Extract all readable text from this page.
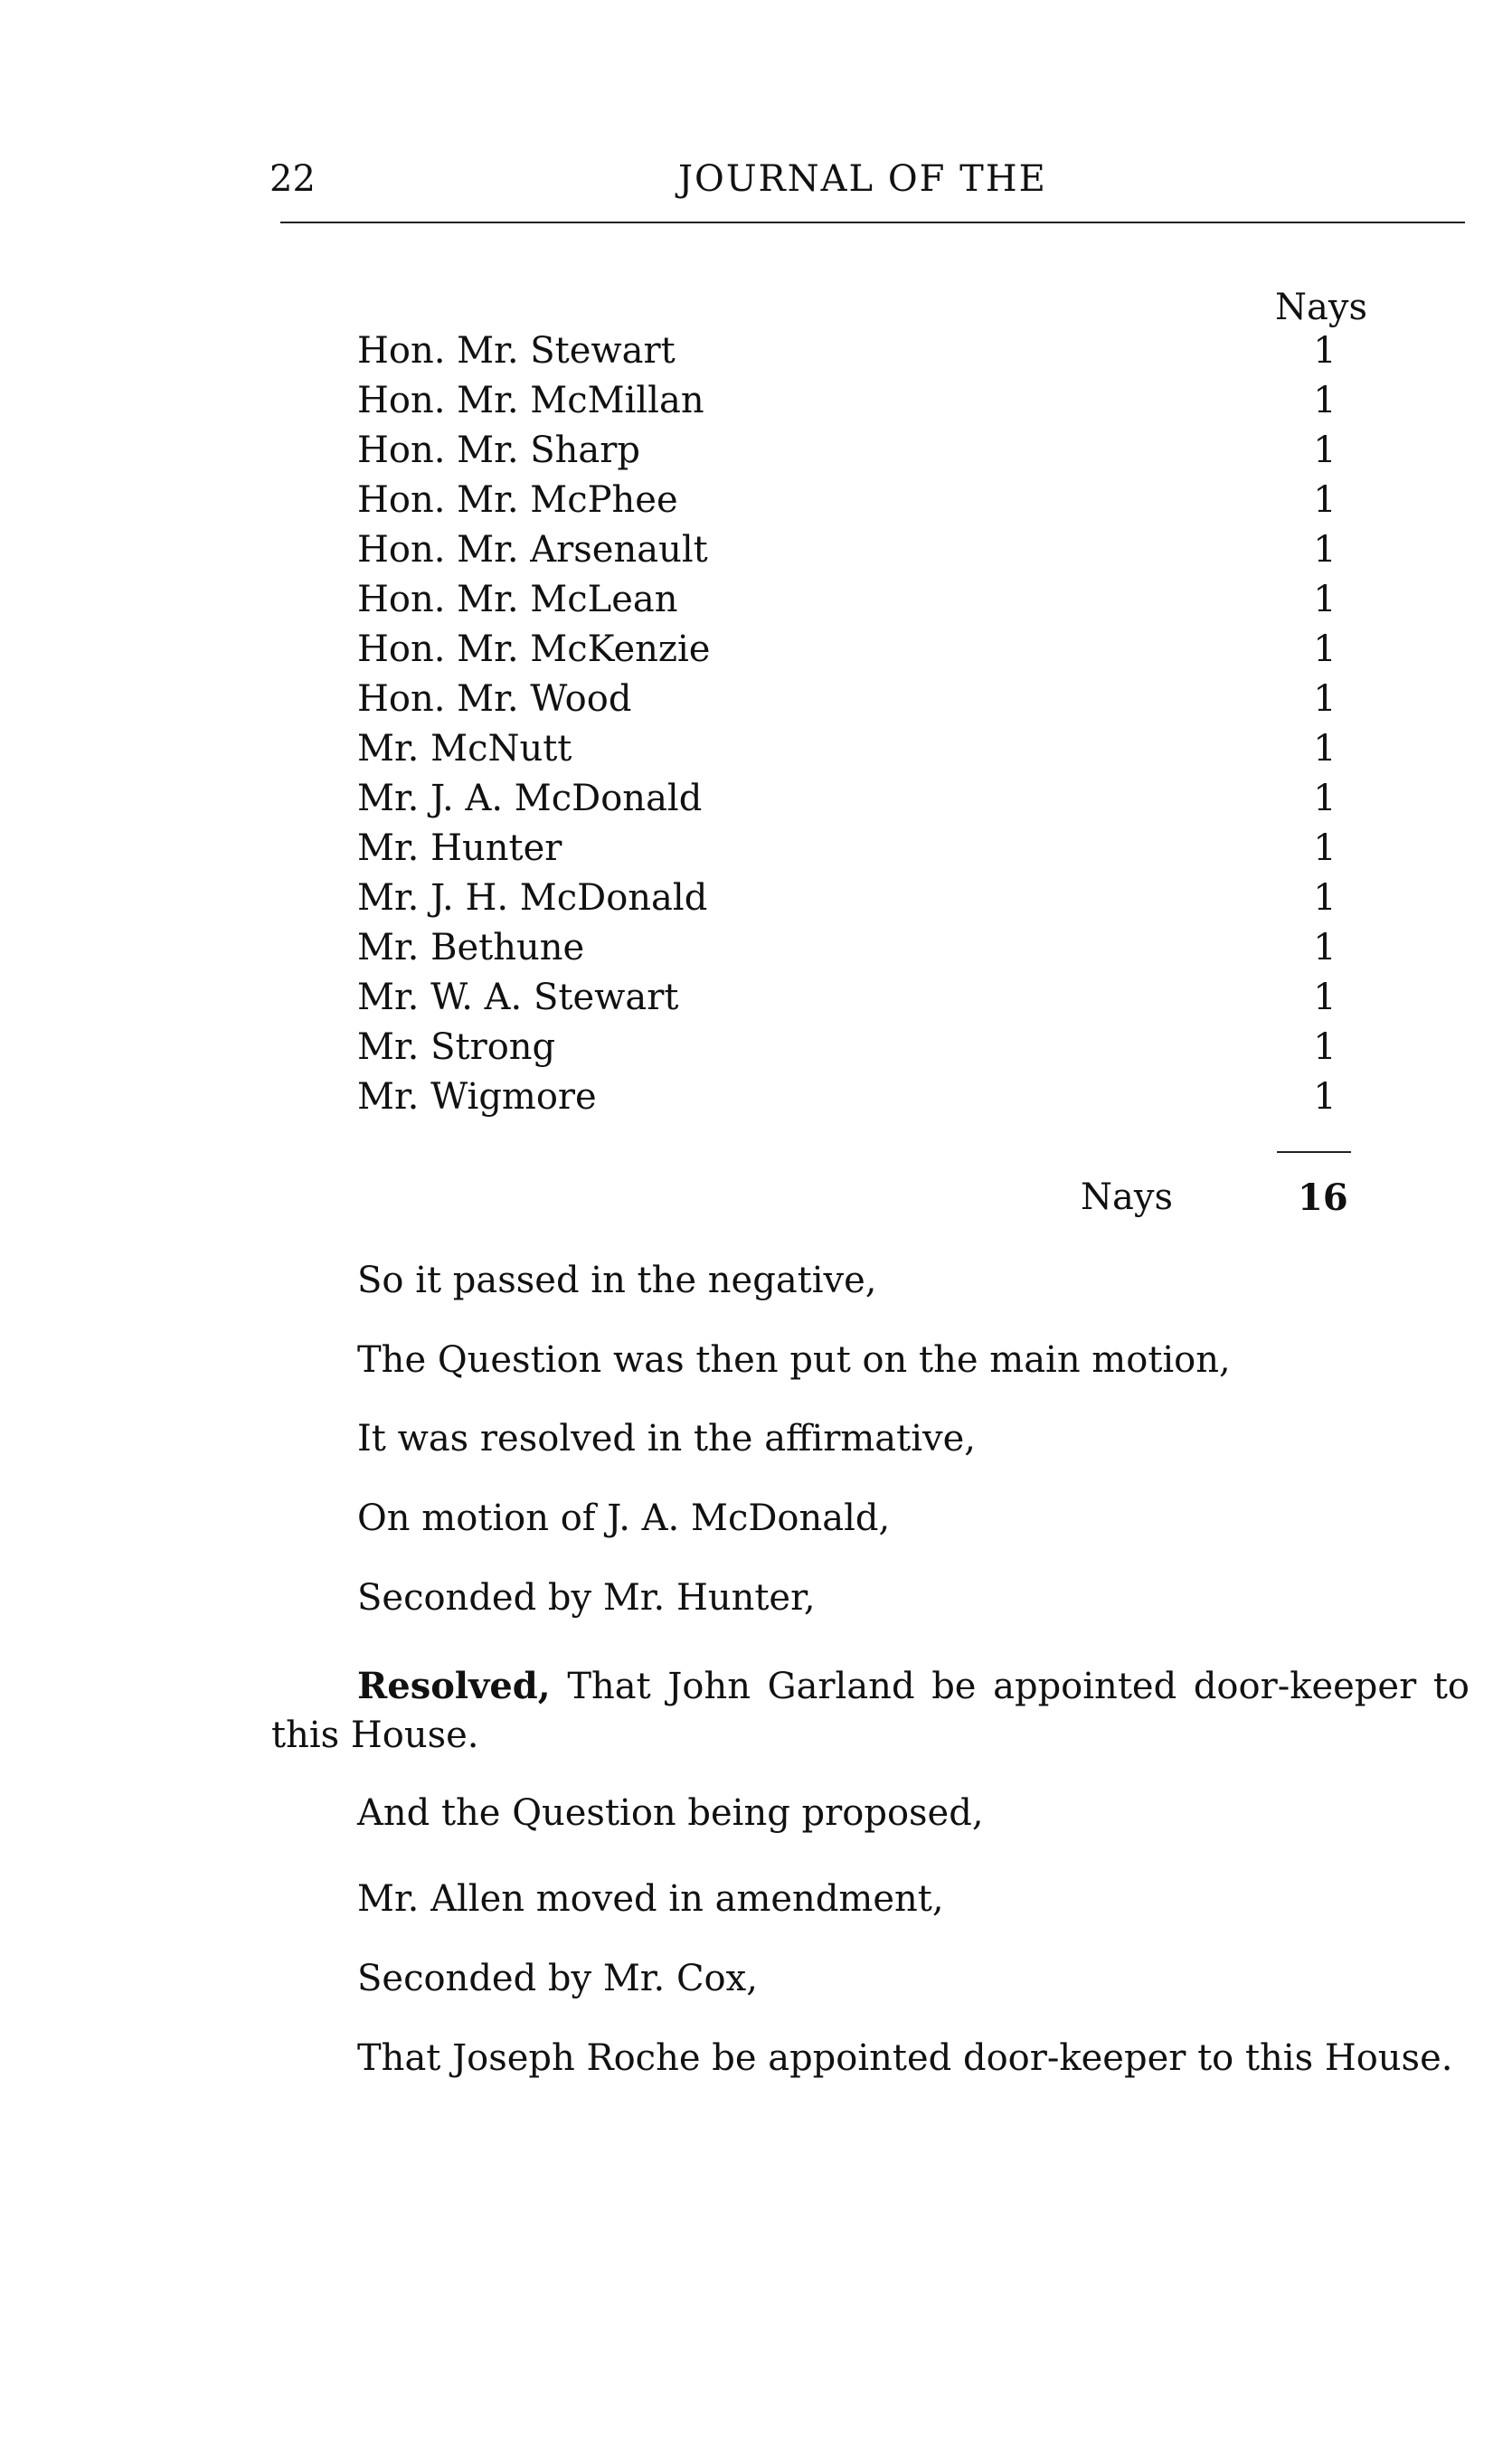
22	JOURNAL OF THE
Nays
Hon. Mr. Stewart	1
Hon. Mr. McMillan	1
Hon. Mr. Sharp	1
Hon. Mr. McPhee	1
Hon. Mr. Arsenault	1
Hon. Mr. McLean	1
Hon. Mr. McKenzie	1
Hon. Mr. Wood	1
Mr. McNutt	1
Mr. J. A. McDonald	1
Mr. Hunter	1
Mr. J. H. McDonald	1
Mr. Bethune	1
Mr. W. A. Stewart	1
Mr. Strong	1
Mr. Wigmore	1
Nays	16
So it passed in the negative,
The Question was then put on the main motion,
It was resolved in the affirmative,
On motion of J. A. McDonald,
Seconded by Mr. Hunter,

Resolved, That John Garland be appointed door-keeper to this House.

And the Question being proposed,
Mr. Allen moved in amendment,
Seconded by Mr. Cox,
That Joseph Roche be appointed door-keeper to this House.
